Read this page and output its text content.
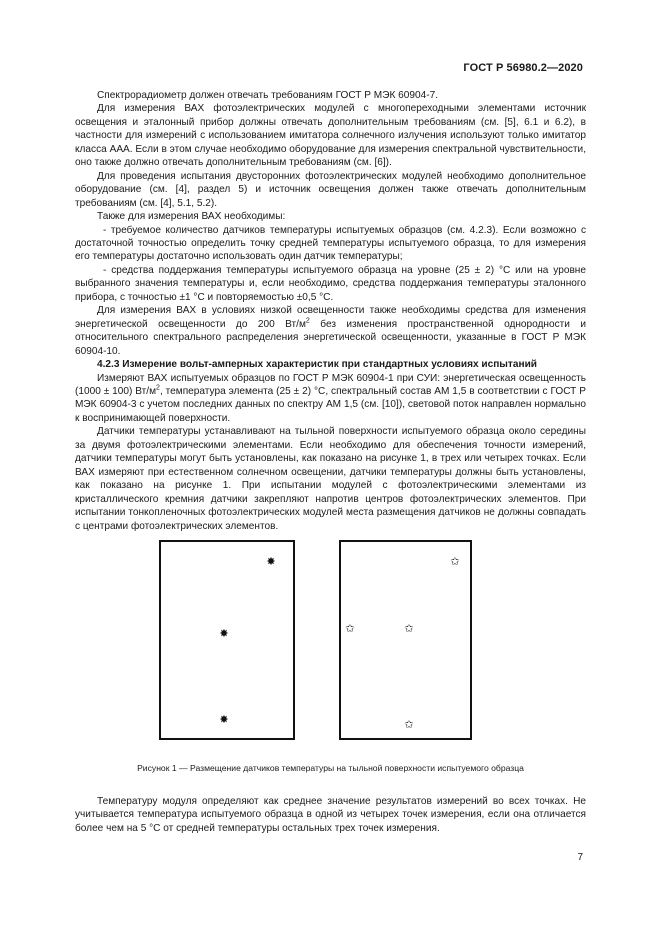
ГОСТ Р 56980.2—2020

Спектрорадиометр должен отвечать требованиям ГОСТ Р МЭК 60904-7.

Для измерения ВАХ фотоэлектрических модулей с многопереходными элементами источник освещения и эталонный прибор должны отвечать дополнительным требованиям (см. [5], 6.1 и 6.2), в частности для измерений с использованием имитатора солнечного излучения используют только имитатор класса ААА. Если в этом случае необходимо оборудование для измерения спектральной чувствительности, оно также должно отвечать дополнительным требованиям (см. [6]).

Для проведения испытания двусторонних фотоэлектрических модулей необходимо дополнительное оборудование (см. [4], раздел 5) и источник освещения должен также отвечать дополнительным требованиям (см. [4], 5.1, 5.2).

Также для измерения ВАХ необходимы:

- требуемое количество датчиков температуры испытуемых образцов (см. 4.2.3). Если возможно с достаточной точностью определить точку средней температуры испытуемого образца, то для измерения его температуры достаточно использовать один датчик температуры;

- средства поддержания температуры испытуемого образца на уровне (25 ± 2) °С или на уровне выбранного значения температуры и, если необходимо, средства поддержания температуры эталонного прибора, с точностью ±1 °С и повторяемостью ±0,5 °С.

Для измерения ВАХ в условиях низкой освещенности также необходимы средства для изменения энергетической освещенности до 200 $Вт/м^2$ без изменения пространственной однородности и относительного спектрального распределения энергетической освещенности, указанные в ГОСТ Р МЭК 60904-10.

4.2.3 Измерение вольт-амперных характеристик при стандартных условиях испытаний

Измеряют ВАХ испытуемых образцов по ГОСТ Р МЭК 60904-1 при СУИ: энергетическая освещенность (1000 ± 100) $Вт/м^2$, температура элемента (25 ± 2) °С, спектральный состав АМ 1,5 в соответствии с ГОСТ Р МЭК 60904-3 с учетом последних данных по спектру АМ 1,5 (см. [10]), световой поток направлен нормально к воспринимающей поверхности.

Датчики температуры устанавливают на тыльной поверхности испытуемого образца около середины за двумя фотоэлектрическими элементами. Если необходимо для обеспечения точности измерений, датчики температуры могут быть установлены, как показано на рисунке 1, в трех или четырех точках. Если ВАХ измеряют при естественном солнечном освещении, датчики температуры должны быть установлены, как показано на рисунке 1. При испытании модулей с фотоэлектрическими элементами из кристаллического кремния датчики закрепляют напротив центров фотоэлектрических элементов. При испытании тонкопленочных фотоэлектрических модулей места размещения датчиков не должны совпадать с центрами фотоэлектрических элементов.

✸
✸
✸
✩
✩	✩
✩
Рисунок 1 — Размещение датчиков температуры на тыльной поверхности испытуемого образца

Температуру модуля определяют как среднее значение результатов измерений во всех точках. Не учитывается температура испытуемого образца в одной из четырех точек измерения, если она отличается более чем на 5 °С от средней температуры остальных трех точек измерения.

7
